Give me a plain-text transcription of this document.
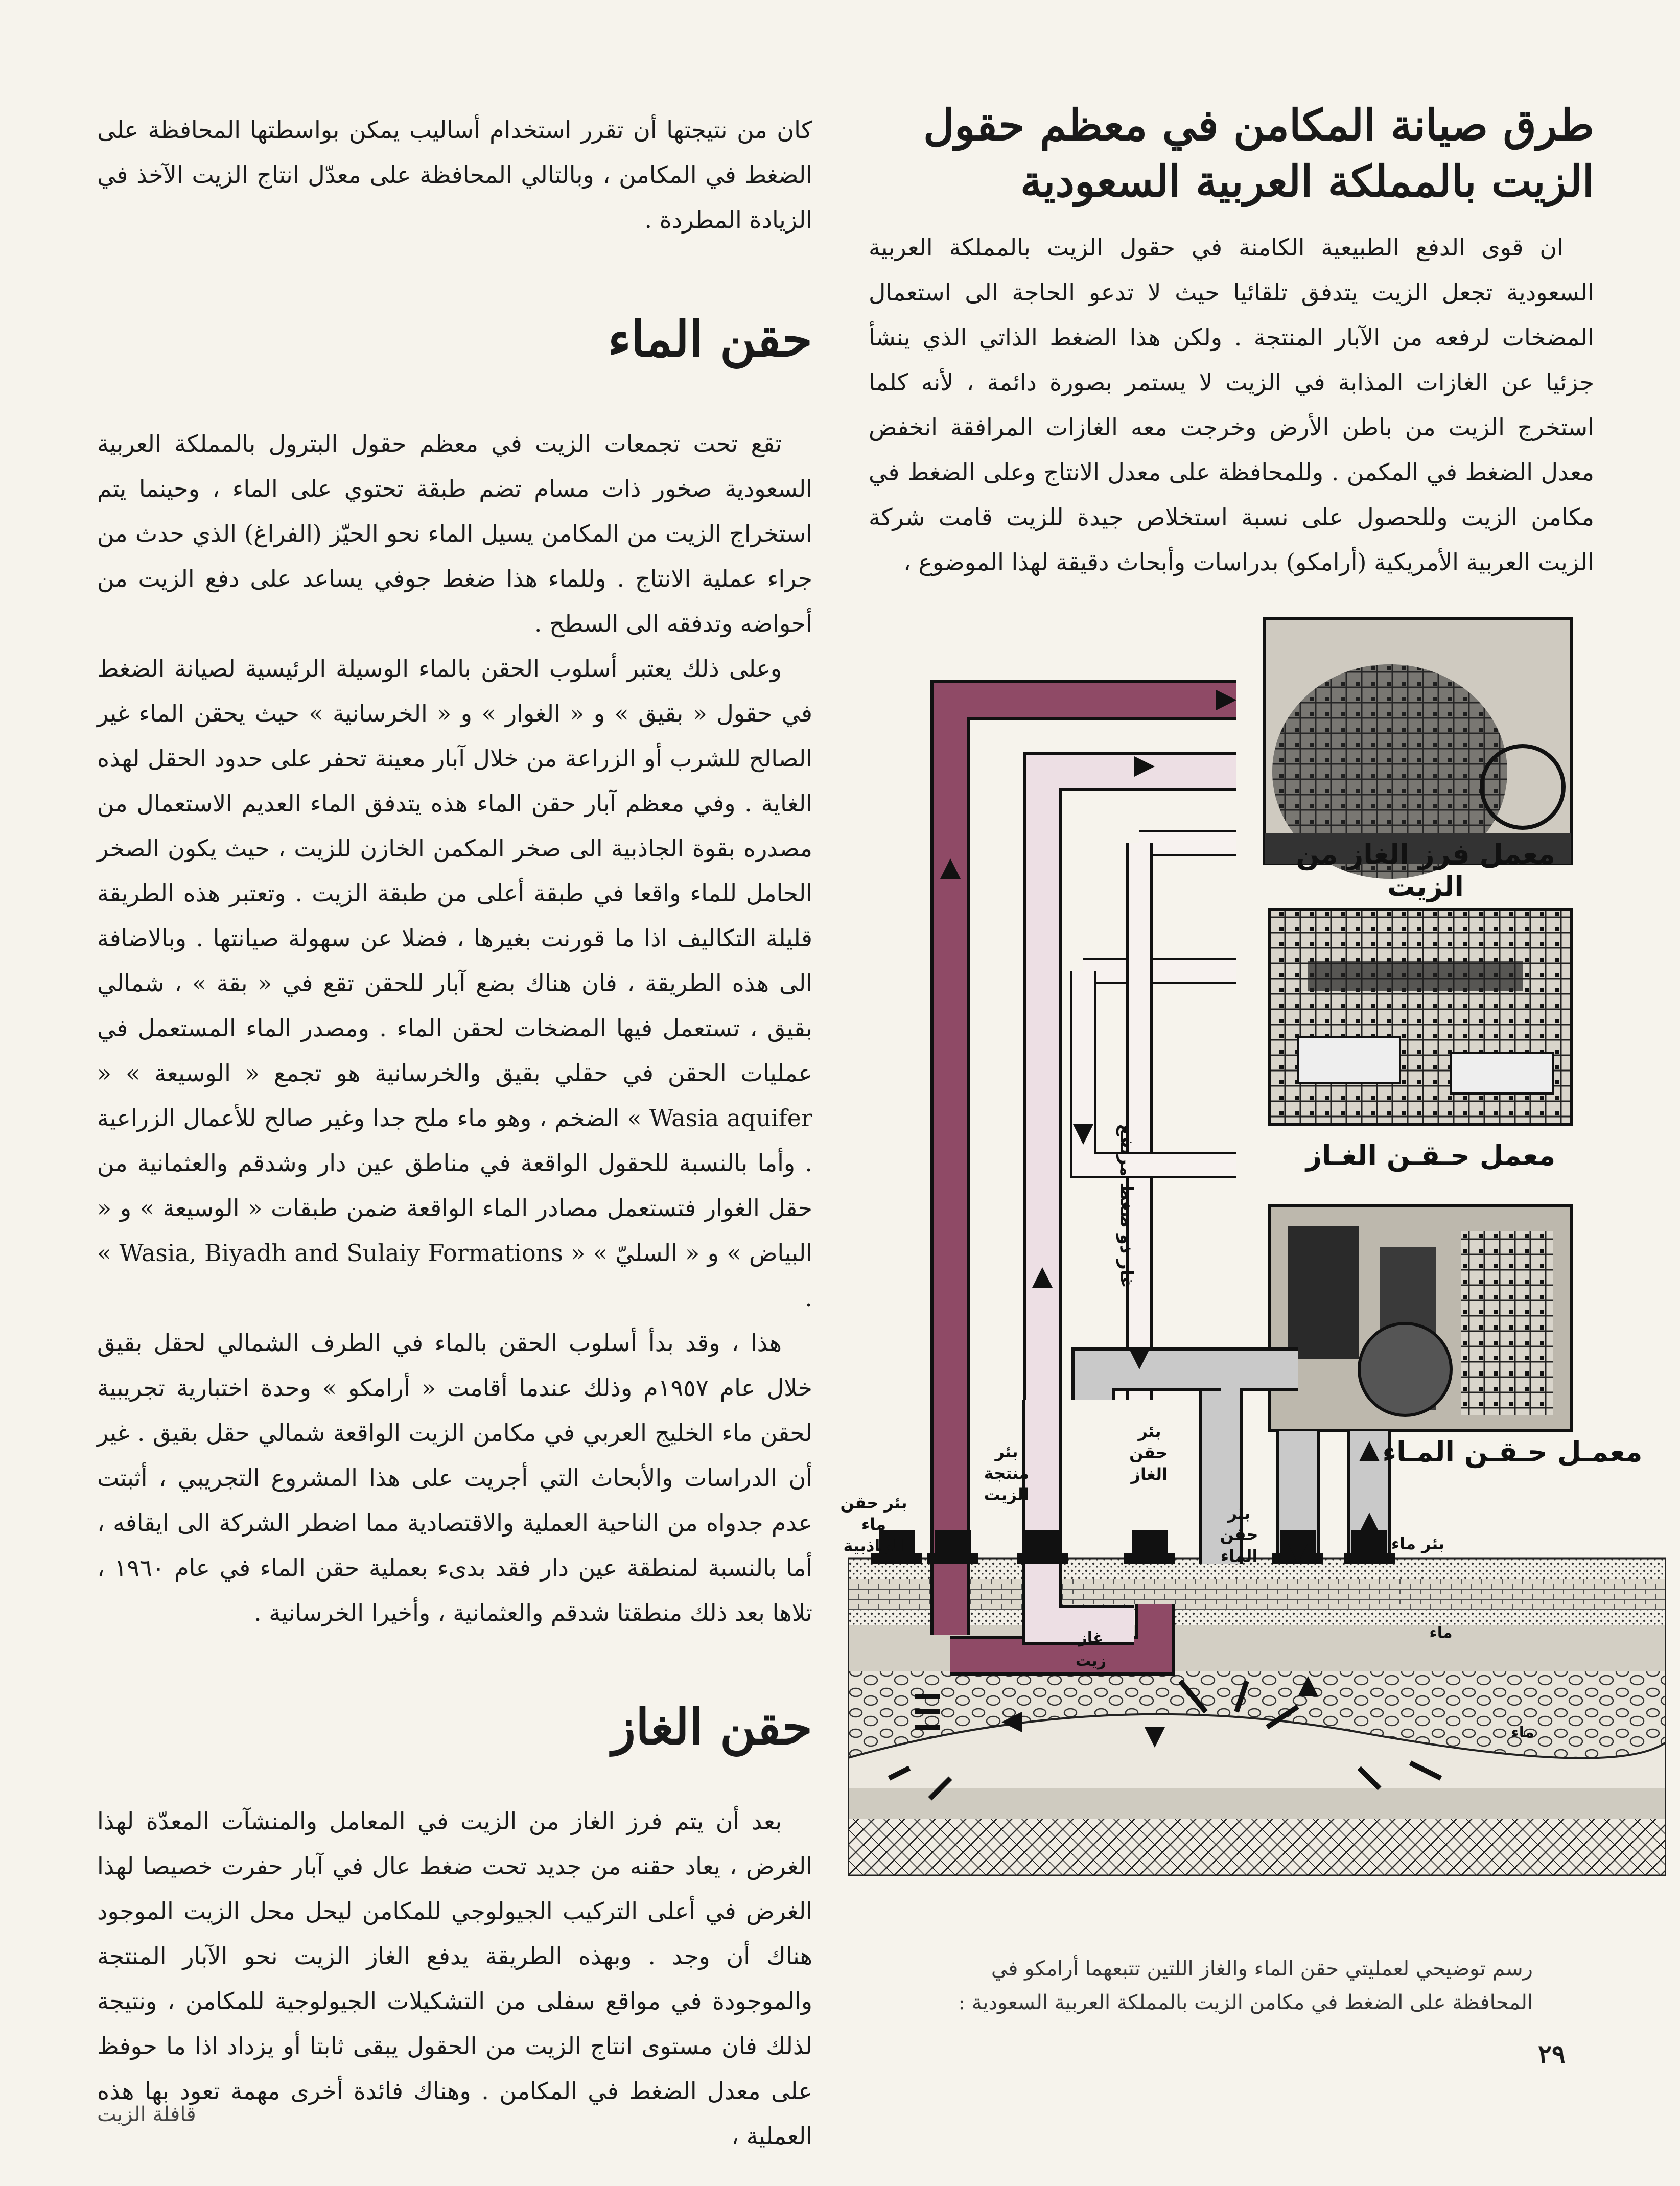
طرق صيانة المكامن في معظم حقول الزيت بالمملكة العربية السعودية

ان قوى الدفع الطبيعية الكامنة في حقول الزيت بالمملكة العربية السعودية تجعل الزيت يتدفق تلقائيا حيث لا تدعو الحاجة الى استعمال المضخات لرفعه من الآبار المنتجة . ولكن هذا الضغط الذاتي الذي ينشأ جزئيا عن الغازات المذابة في الزيت لا يستمر بصورة دائمة ، لأنه كلما استخرج الزيت من باطن الأرض وخرجت معه الغازات المرافقة انخفض معدل الضغط في المكمن . وللمحافظة على معدل الانتاج وعلى الضغط في مكامن الزيت وللحصول على نسبة استخلاص جيدة للزيت قامت شركة الزيت العربية الأمريكية (أرامكو) بدراسات وأبحاث دقيقة لهذا الموضوع ،

كان من نتيجتها أن تقرر استخدام أساليب يمكن بواسطتها المحافظة على الضغط في المكامن ، وبالتالي المحافظة على معدّل انتاج الزيت الآخذ في الزيادة المطردة .

حقن الماء

تقع تحت تجمعات الزيت في معظم حقول البترول بالمملكة العربية السعودية صخور ذات مسام تضم طبقة تحتوي على الماء ، وحينما يتم استخراج الزيت من المكامن يسيل الماء نحو الحيّز (الفراغ) الذي حدث من جراء عملية الانتاج . وللماء هذا ضغط جوفي يساعد على دفع الزيت من أحواضه وتدفقه الى السطح .

وعلى ذلك يعتبر أسلوب الحقن بالماء الوسيلة الرئيسية لصيانة الضغط في حقول « بقيق » و « الغوار » و « الخرسانية » حيث يحقن الماء غير الصالح للشرب أو الزراعة من خلال آبار معينة تحفر على حدود الحقل لهذه الغاية . وفي معظم آبار حقن الماء هذه يتدفق الماء العديم الاستعمال من مصدره بقوة الجاذبية الى صخر المكمن الخازن للزيت ، حيث يكون الصخر الحامل للماء واقعا في طبقة أعلى من طبقة الزيت . وتعتبر هذه الطريقة قليلة التكاليف اذا ما قورنت بغيرها ، فضلا عن سهولة صيانتها . وبالاضافة الى هذه الطريقة ، فان هناك بضع آبار للحقن تقع في « بقة » ، شمالي بقيق ، تستعمل فيها المضخات لحقن الماء . ومصدر الماء المستعمل في عمليات الحقن في حقلي بقيق والخرسانية هو تجمع « الوسيعة » « Wasia aquifer » الضخم ، وهو ماء ملح جدا وغير صالح للأعمال الزراعية . وأما بالنسبة للحقول الواقعة في مناطق عين دار وشدقم والعثمانية من حقل الغوار فتستعمل مصادر الماء الواقعة ضمن طبقات « الوسيعة » و « البياض » و « السليّ » « Wasia, Biyadh and Sulaiy Formations » .

هذا ، وقد بدأ أسلوب الحقن بالماء في الطرف الشمالي لحقل بقيق خلال عام ١٩٥٧م وذلك عندما أقامت « أرامكو » وحدة اختبارية تجريبية لحقن ماء الخليج العربي في مكامن الزيت الواقعة شمالي حقل بقيق . غير أن الدراسات والأبحاث التي أجريت على هذا المشروع التجريبي ، أثبتت عدم جدواه من الناحية العملية والاقتصادية مما اضطر الشركة الى ايقافه ، أما بالنسبة لمنطقة عين دار فقد بدىء بعملية حقن الماء في عام ١٩٦٠ ، تلاها بعد ذلك منطقتا شدقم والعثمانية ، وأخيرا الخرسانية .

حقن الغاز

بعد أن يتم فرز الغاز من الزيت في المعامل والمنشآت المعدّة لهذا الغرض ، يعاد حقنه من جديد تحت ضغط عال في آبار حفرت خصيصا لهذا الغرض في أعلى التركيب الجيولوجي للمكامن ليحل محل الزيت الموجود هناك أن وجد . وبهذه الطريقة يدفع الغاز الزيت نحو الآبار المنتجة والموجودة في مواقع سفلى من التشكيلات الجيولوجية للمكامن ، ونتيجة لذلك فان مستوى انتاج الزيت من الحقول يبقى ثابتا أو يزداد اذا ما حوفظ على معدل الضغط في المكامن . وهناك فائدة أخرى مهمة تعود بها هذه العملية ،

معمل فرز الغاز من الزيت
معمل حـقـن الغـاز
معمـل حـقـن المـاء
غاز ذو ضغط مرتفع
بئر حقن ماء الجاذبية
بئر منتجة الزيت
بئر حقن الغاز
بئر حقن الماء
بئر ماء
غاز
زيت
ماء
ماء
رسم توضيحي لعمليتي حقن الماء والغاز اللتين تتبعهما أرامكو في المحافظة على الضغط في مكامن الزيت بالمملكة العربية السعودية :
٢٩
قافلة الزيت
